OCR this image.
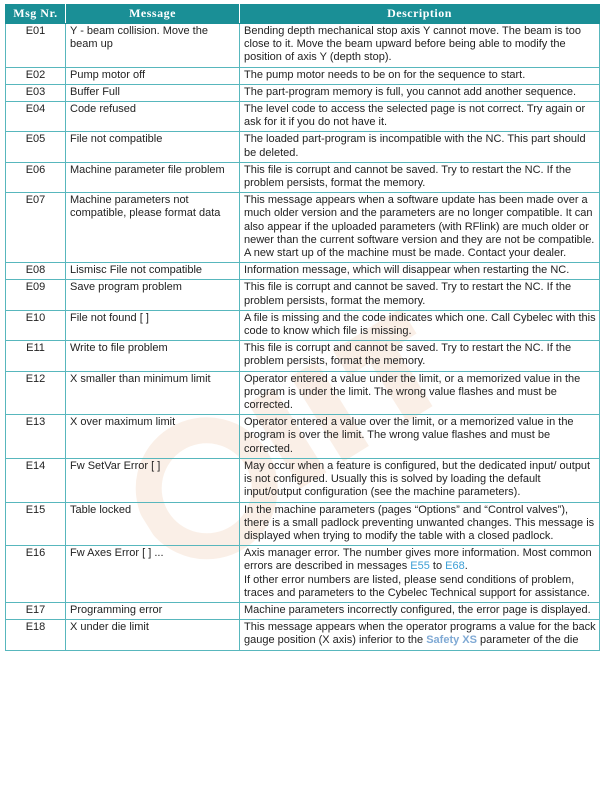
Msg Nr.	Message	Description
E01	Y - beam collision. Move the beam up	Bending depth mechanical stop axis Y cannot move. The beam is too close to it. Move the beam upward before being able to modify the position of axis Y (depth stop).
E02	Pump motor off	The pump motor needs to be on for the sequence to start.
E03	Buffer Full	The part-program memory is full, you cannot add another sequence.
E04	Code refused	The level code to access the selected page is not correct. Try again or ask for it if you do not have it.
E05	File not compatible	The loaded part-program is incompatible with the NC. This part should be deleted.
E06	Machine parameter file problem	This file is corrupt and cannot be saved. Try to restart the NC. If the problem persists, format the memory.
E07	Machine parameters not compatible, please format data	This message appears when a software update has been made over a much older version and the parameters are no longer compatible. It can also appear if the uploaded parameters (with RFlink) are much older or newer than the current software version and they are not be compatible. A new start up of the machine must be made. Contact your dealer.
E08	Lismisc File not compatible	Information message, which will disappear when restarting the NC.
E09	Save program problem	This file is corrupt and cannot be saved. Try to restart the NC. If the problem persists, format the memory.
E10	File not found [ ]	A file is missing and the code indicates which one. Call Cybelec with this code to know which file is missing.
E11	Write to file problem	This file is corrupt and cannot be saved. Try to restart the NC. If the problem persists, format the memory.
E12	X smaller than minimum limit	Operator entered a value under the limit, or a memorized value in the program is under the limit. The wrong value flashes and must be corrected.
E13	X over maximum limit	Operator entered a value over the limit, or a memorized value in the program is over the limit. The wrong value flashes and must be corrected.
E14	Fw SetVar Error [ ]	May occur when a feature is configured, but the dedicated input/ output is not configured. Usually this is solved by loading the default input/output configuration (see the machine parameters).
E15	Table locked	In the machine parameters (pages “Options” and “Control valves”), there is a small padlock preventing unwanted changes. This message is displayed when trying to modify the table with a closed padlock.
E16	Fw Axes Error [ ] ...	Axis manager error. The number gives more information. Most common errors are described in messages E55 to E68.
If other error numbers are listed, please send conditions of problem, traces and parameters to the Cybelec Technical support for assistance.
E17	Programming error	Machine parameters incorrectly configured, the error page is displayed.
E18	X under die limit	This message appears when the operator programs a value for the back gauge position (X axis) inferior to the Safety XS parameter of the die
